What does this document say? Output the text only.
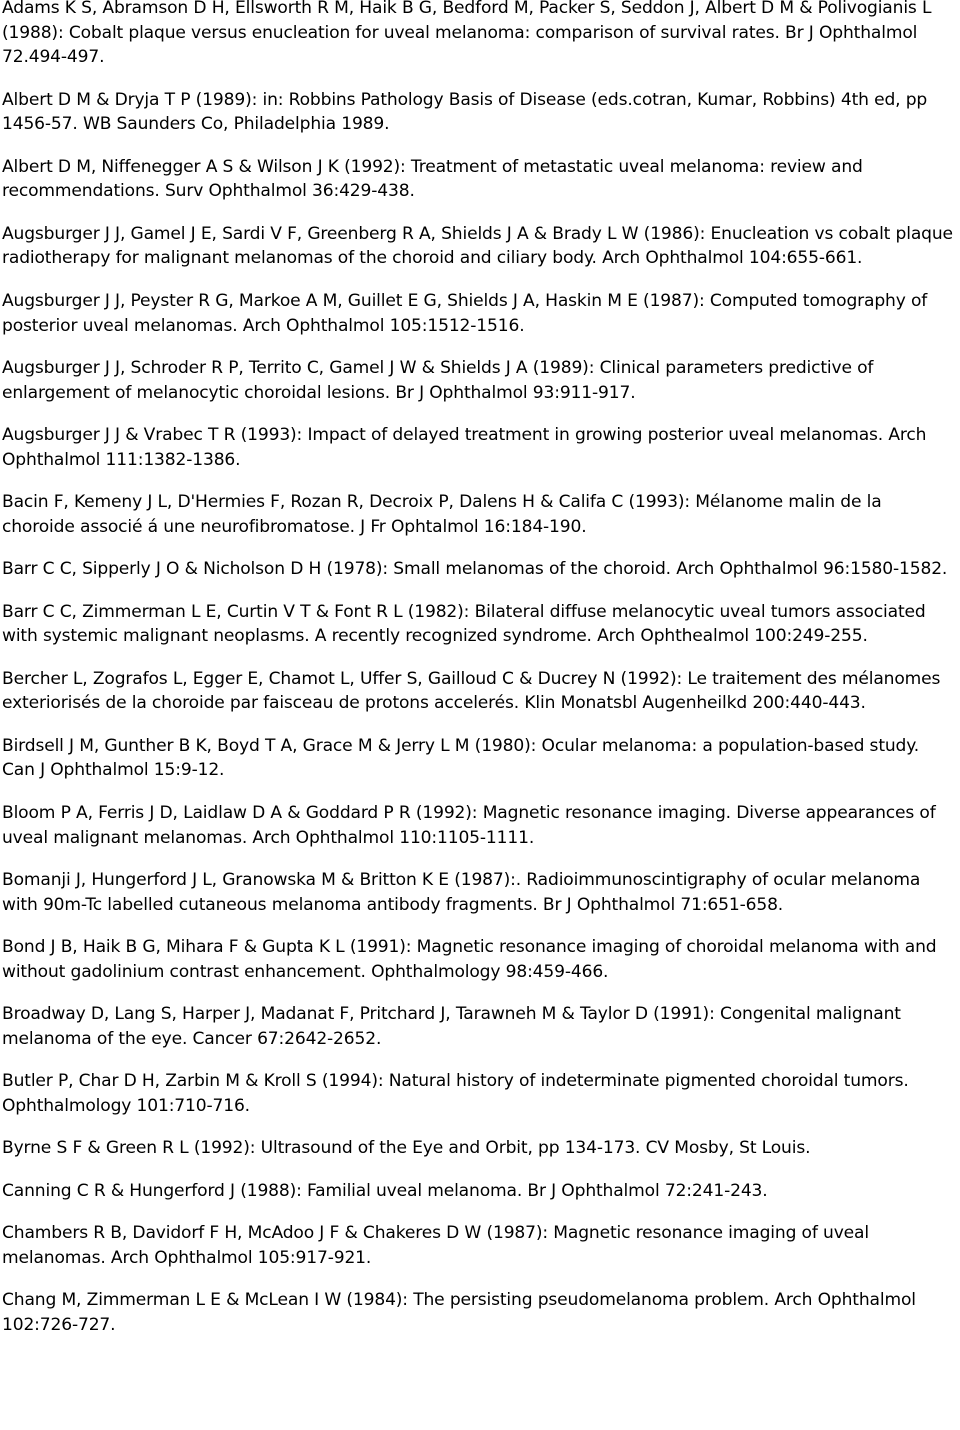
Adams K S, Abramson D H, Ellsworth R M, Haik B G, Bedford M, Packer S, Seddon J, Albert D M & Polivogianis L (1988): Cobalt plaque versus enucleation for uveal melanoma: comparison of survival rates. Br J Ophthalmol 72.494-497.

Albert D M & Dryja T P (1989): in: Robbins Pathology Basis of Disease (eds.cotran, Kumar, Robbins) 4th ed, pp 1456-57. WB Saunders Co, Philadelphia 1989.

Albert D M, Niffenegger A S & Wilson J K (1992): Treatment of metastatic uveal melanoma: review and recommendations. Surv Ophthalmol 36:429-438.

Augsburger J J, Gamel J E, Sardi V F, Greenberg R A, Shields J A & Brady L W (1986): Enucleation vs cobalt plaque radiotherapy for malignant melanomas of the choroid and ciliary body. Arch Ophthalmol 104:655-661.

Augsburger J J, Peyster R G, Markoe A M, Guillet E G, Shields J A, Haskin M E (1987): Computed tomography of posterior uveal melanomas. Arch Ophthalmol 105:1512-1516.

Augsburger J J, Schroder R P, Territo C, Gamel J W & Shields J A (1989): Clinical parameters predictive of enlargement of melanocytic choroidal lesions. Br J Ophthalmol 93:911-917.

Augsburger J J & Vrabec T R (1993): Impact of delayed treatment in growing posterior uveal melanomas. Arch Ophthalmol 111:1382-1386.

Bacin F, Kemeny J L, D'Hermies F, Rozan R, Decroix P, Dalens H & Califa C (1993): Mélanome malin de la choroide associé á une neurofibromatose. J Fr Ophtalmol 16:184-190.

Barr C C, Sipperly J O & Nicholson D H (1978): Small melanomas of the choroid. Arch Ophthalmol 96:1580-1582.

Barr C C, Zimmerman L E, Curtin V T & Font R L (1982): Bilateral diffuse melanocytic uveal tumors associated with systemic malignant neoplasms. A recently recognized syndrome. Arch Ophthealmol 100:249-255.

Bercher L, Zografos L, Egger E, Chamot L, Uffer S, Gailloud C & Ducrey N (1992): Le traitement des mélanomes exteriorisés de la choroide par faisceau de protons accelerés. Klin Monatsbl Augenheilkd 200:440-443.

Birdsell J M, Gunther B K, Boyd T A, Grace M & Jerry L M (1980): Ocular melanoma: a population-based study. Can J Ophthalmol 15:9-12.

Bloom P A, Ferris J D, Laidlaw D A & Goddard P R (1992): Magnetic resonance imaging. Diverse appearances of uveal malignant melanomas. Arch Ophthalmol 110:1105-1111.

Bomanji J, Hungerford J L, Granowska M & Britton K E (1987):. Radioimmunoscintigraphy of ocular melanoma with 90m-Tc labelled cutaneous melanoma antibody fragments. Br J Ophthalmol 71:651-658.

Bond J B, Haik B G, Mihara F & Gupta K L (1991): Magnetic resonance imaging of choroidal melanoma with and without gadolinium contrast enhancement. Ophthalmology 98:459-466.

Broadway D, Lang S, Harper J, Madanat F, Pritchard J, Tarawneh M & Taylor D (1991): Congenital malignant melanoma of the eye. Cancer 67:2642-2652.

Butler P, Char D H, Zarbin M & Kroll S (1994): Natural history of indeterminate pigmented choroidal tumors. Ophthalmology 101:710-716.

Byrne S F & Green R L (1992): Ultrasound of the Eye and Orbit, pp 134-173. CV Mosby, St Louis.

Canning C R & Hungerford J (1988): Familial uveal melanoma. Br J Ophthalmol 72:241-243.

Chambers R B, Davidorf F H, McAdoo J F & Chakeres D W (1987): Magnetic resonance imaging of uveal melanomas. Arch Ophthalmol 105:917-921.

Chang M, Zimmerman L E & McLean I W (1984): The persisting pseudomelanoma problem. Arch Ophthalmol 102:726-727.
